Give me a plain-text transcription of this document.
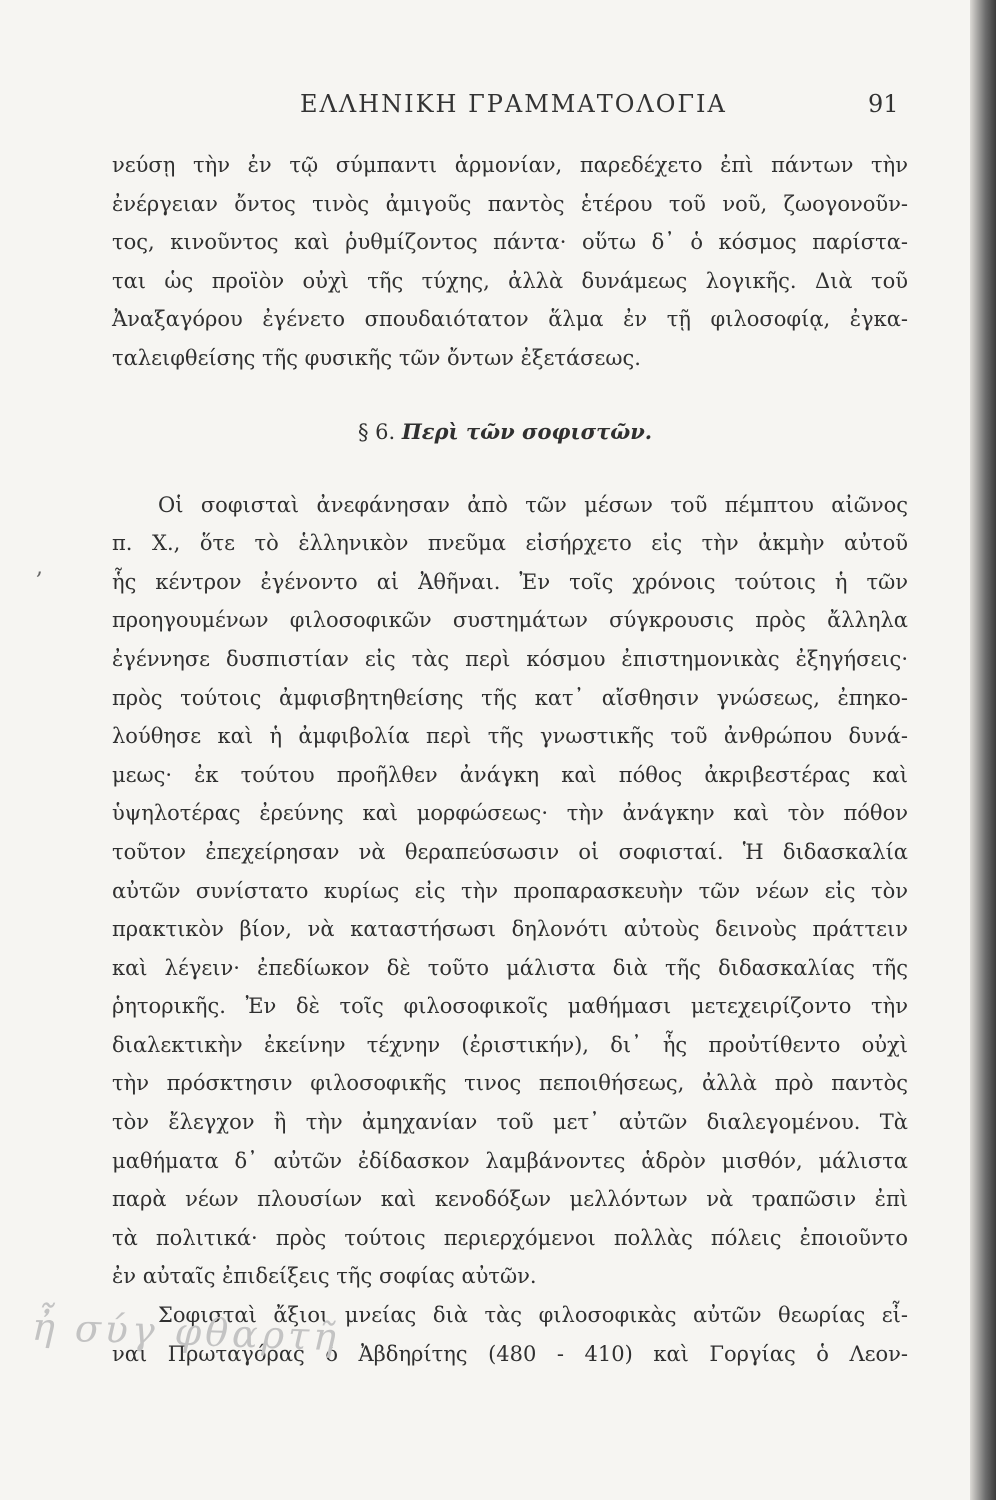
ΕΛΛΗΝΙΚΗ ΓΡΑΜΜΑΤΟΛΟΓΙΑ	91
νεύσῃ τὴν ἐν τῷ σύμπαντι ἁρμονίαν, παρεδέχετο ἐπὶ πάντων τὴν
ἐνέργειαν ὄντος τινὸς ἀμιγοῦς παντὸς ἑτέρου τοῦ νοῦ, ζωογονοῦν-
τος, κινοῦντος καὶ ῥυθμίζοντος πάντα· οὕτω δ᾽ ὁ κόσμος παρίστα-
ται ὡς προϊὸν οὐχὶ τῆς τύχης, ἀλλὰ δυνάμεως λογικῆς. Διὰ τοῦ
Ἀναξαγόρου ἐγένετο σπουδαιότατον ἅλμα ἐν τῇ φιλοσοφίᾳ, ἐγκα-
ταλειφθείσης τῆς φυσικῆς τῶν ὄντων ἐξετάσεως.
§ 6. Περὶ τῶν σοφιστῶν.
Οἱ σοφισταὶ ἀνεφάνησαν ἀπὸ τῶν μέσων τοῦ πέμπτου αἰῶνος
π. Χ., ὅτε τὸ ἑλληνικὸν πνεῦμα εἰσήρχετο εἰς τὴν ἀκμὴν αὐτοῦ
ἧς κέντρον ἐγένοντο αἱ Ἀθῆναι. Ἐν τοῖς χρόνοις τούτοις ἡ τῶν
προηγουμένων φιλοσοφικῶν συστημάτων σύγκρουσις πρὸς ἄλληλα
ἐγέννησε δυσπιστίαν εἰς τὰς περὶ κόσμου ἐπιστημονικὰς ἐξηγήσεις·
πρὸς τούτοις ἀμφισβητηθείσης τῆς κατ᾽ αἴσθησιν γνώσεως, ἐπηκο-
λούθησε καὶ ἡ ἀμφιβολία περὶ τῆς γνωστικῆς τοῦ ἀνθρώπου δυνά-
μεως· ἐκ τούτου προῆλθεν ἀνάγκη καὶ πόθος ἀκριβεστέρας καὶ
ὑψηλοτέρας ἐρεύνης καὶ μορφώσεως· τὴν ἀνάγκην καὶ τὸν πόθον
τοῦτον ἐπεχείρησαν νὰ θεραπεύσωσιν οἱ σοφισταί. Ἡ διδασκαλία
αὐτῶν συνίστατο κυρίως εἰς τὴν προπαρασκευὴν τῶν νέων εἰς τὸν
πρακτικὸν βίον, νὰ καταστήσωσι δηλονότι αὐτοὺς δεινοὺς πράττειν
καὶ λέγειν· ἐπεδίωκον δὲ τοῦτο μάλιστα διὰ τῆς διδασκαλίας τῆς
ῥητορικῆς. Ἐν δὲ τοῖς φιλοσοφικοῖς μαθήμασι μετεχειρίζοντο τὴν
διαλεκτικὴν ἐκείνην τέχνην (ἐριστικήν), δι᾽ ἧς προὐτίθεντο οὐχὶ
τὴν πρόσκτησιν φιλοσοφικῆς τινος πεποιθήσεως, ἀλλὰ πρὸ παντὸς
τὸν ἔλεγχον ἢ τὴν ἀμηχανίαν τοῦ μετ᾽ αὐτῶν διαλεγομένου. Τὰ
μαθήματα δ᾽ αὐτῶν ἐδίδασκον λαμβάνοντες ἁδρὸν μισθόν, μάλιστα
παρὰ νέων πλουσίων καὶ κενοδόξων μελλόντων νὰ τραπῶσιν ἐπὶ
τὰ πολιτικά· πρὸς τούτοις περιερχόμενοι πολλὰς πόλεις ἐποιοῦντο
ἐν αὐταῖς ἐπιδείξεις τῆς σοφίας αὐτῶν.
Σοφισταὶ ἄξιοι μνείας διὰ τὰς φιλοσοφικὰς αὐτῶν θεωρίας εἶ-
ναι Πρωταγόρας ὁ Ἀβδηρίτης (480 - 410) καὶ Γοργίας ὁ Λεον-
,
ἦ σύγ φθαρτῆ
